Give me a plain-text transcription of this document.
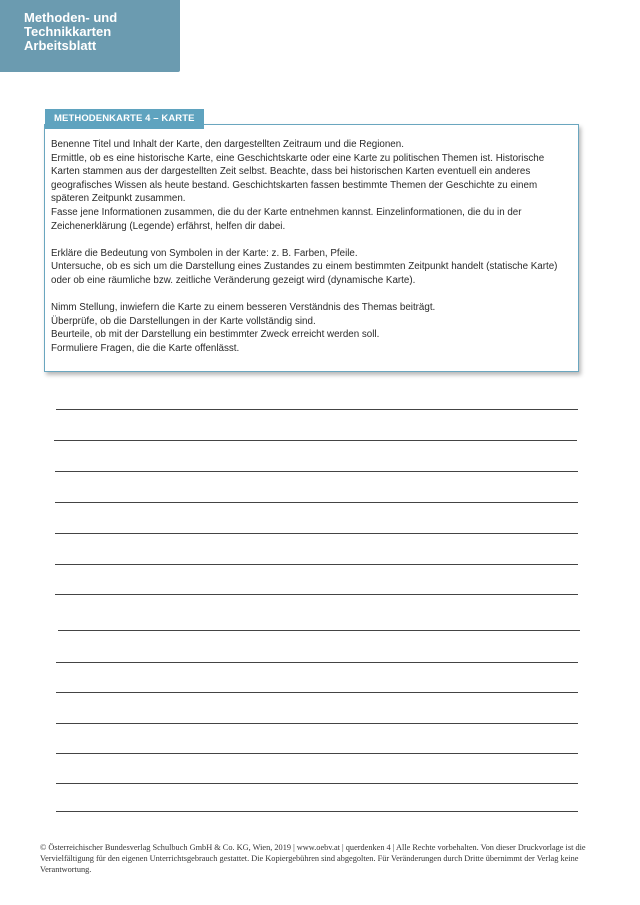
Methoden- und
Technikkarten
Arbeitsblatt
METHODENKARTE 4 – KARTE
Benenne Titel und Inhalt der Karte, den dargestellten Zeitraum und die Regionen.
Ermittle, ob es eine historische Karte, eine Geschichtskarte oder eine Karte zu politischen Themen ist. Historische Karten stammen aus der dargestellten Zeit selbst. Beachte, dass bei historischen Karten eventuell ein anderes geografisches Wissen als heute bestand. Geschichtskarten fassen bestimmte Themen der Geschichte zu einem späteren Zeitpunkt zusammen.
Fasse jene Informationen zusammen, die du der Karte entnehmen kannst. Einzelinformationen, die du in der Zeichenerklärung (Legende) erfährst, helfen dir dabei.
Erkläre die Bedeutung von Symbolen in der Karte: z. B. Farben, Pfeile.
Untersuche, ob es sich um die Darstellung eines Zustandes zu einem bestimmten Zeitpunkt handelt (statische Karte) oder ob eine räumliche bzw. zeitliche Veränderung gezeigt wird (dynamische Karte).
Nimm Stellung, inwiefern die Karte zu einem besseren Verständnis des Themas beiträgt.
Überprüfe, ob die Darstellungen in der Karte vollständig sind.
Beurteile, ob mit der Darstellung ein bestimmter Zweck erreicht werden soll.
Formuliere Fragen, die die Karte offenlässt.
© Österreichischer Bundesverlag Schulbuch GmbH & Co. KG, Wien, 2019 | www.oebv.at | querdenken 4 | Alle Rechte vorbehalten. Von dieser Druckvorlage ist die Vervielfältigung für den eigenen Unterrichtsgebrauch gestattet. Die Kopiergebühren sind abgegolten. Für Veränderungen durch Dritte übernimmt der Verlag keine Verantwortung.
